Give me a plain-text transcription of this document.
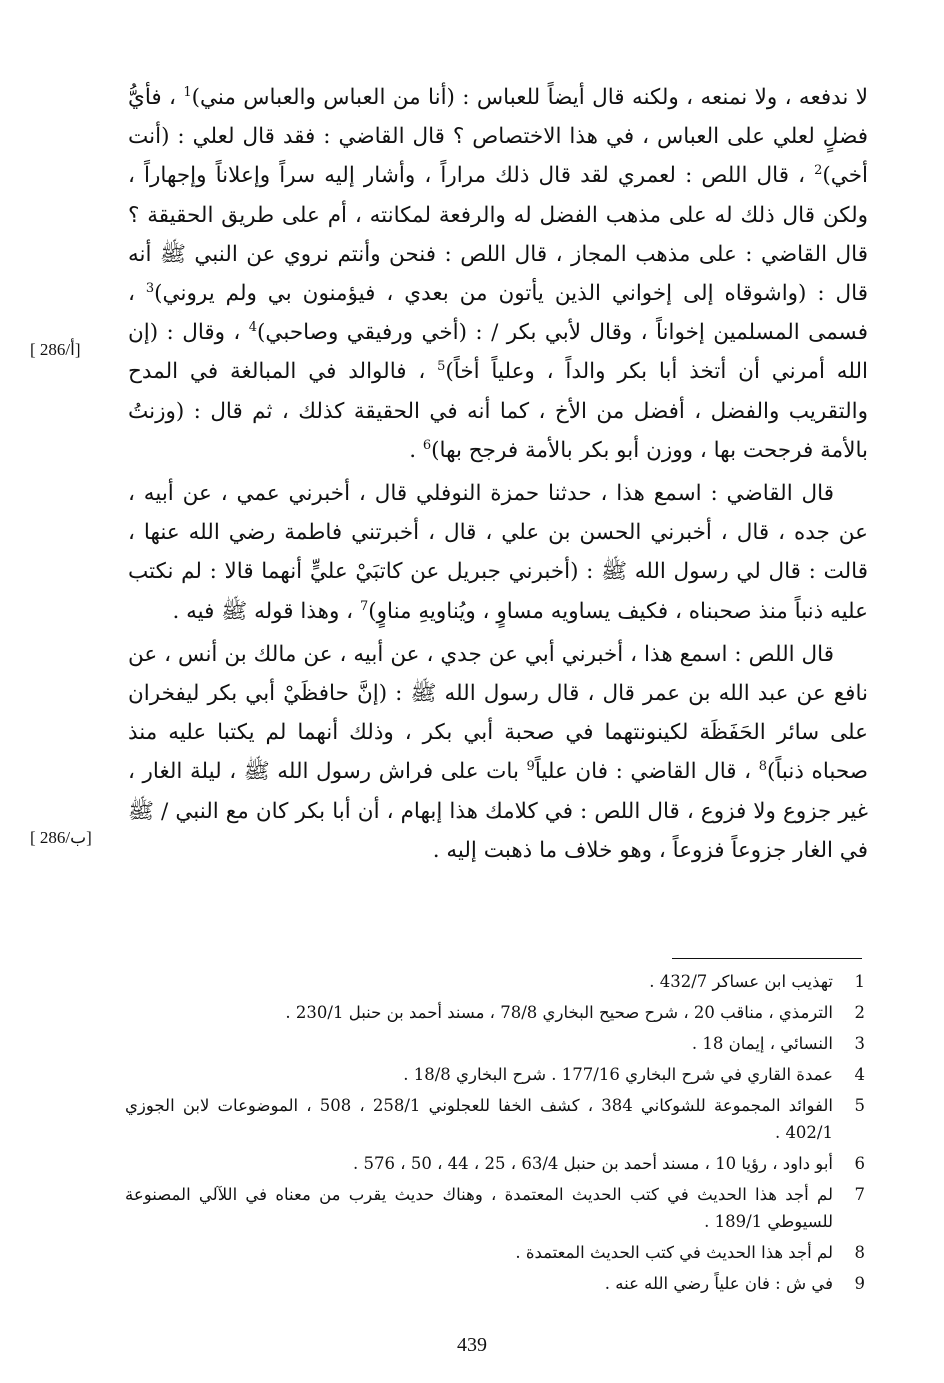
لا ندفعه ، ولا نمنعه ، ولكنه قال أيضاً للعباس : (أنا من العباس والعباس مني)$^1$ ، فأيُّ فضلٍ لعلي على العباس ، في هذا الاختصاص ؟ قال القاضي : فقد قال لعلي : (أنت أخي)$^2$ ، قال اللص : لعمري لقد قال ذلك مراراً ، وأشار إليه سراً وإعلاناً وإجهاراً ، ولكن قال ذلك له على مذهب الفضل له والرفعة لمكانته ، أم على طريق الحقيقة ؟ قال القاضي : على مذهب المجاز ، قال اللص : فنحن وأنتم نروي عن النبي ﷺ أنه قال : (واشوقاه إلى إخواني الذين يأتون من بعدي ، فيؤمنون بي ولم يروني)$^3$ ، فسمى المسلمين إخواناً ، وقال لأبي بكر / : (أخي ورفيقي وصاحبي)$^4$ ، وقال : (إن الله أمرني أن أتخذ أبا بكر والداً ، وعلياً أخاً)$^5$ ، فالوالد في المبالغة في المدح والتقريب والفضل ، أفضل من الأخ ، كما أنه في الحقيقة كذلك ، ثم قال : (وزنتُ بالأمة فرجحت بها ، ووزن أبو بكر بالأمة فرجح بها)$^6$ .

قال القاضي : اسمع هذا ، حدثنا حمزة النوفلي قال ، أخبرني عمي ، عن أبيه ، عن جده ، قال ، أخبرني الحسن بن علي ، قال ، أخبرتني فاطمة رضي الله عنها ، قالت : قال لي رسول الله ﷺ : (أخبرني جبريل عن كاتبَيْ عليٍّ أنهما قالا : لم نكتب عليه ذنباً منذ صحبناه ، فكيف يساويه مساوٍ ، ويُناويهِ مناوٍ)$^7$ ، وهذا قوله ﷺ فيه .

قال اللص : اسمع هذا ، أخبرني أبي عن جدي ، عن أبيه ، عن مالك بن أنس ، عن نافع عن عبد الله بن عمر قال ، قال رسول الله ﷺ : (إنَّ حافظَيْ أبي بكر ليفخران على سائر الحَفَظَة لكينونتهما في صحبة أبي بكر ، وذلك أنهما لم يكتبا عليه منذ صحباه ذنباً)$^8$ ، قال القاضي : فان علياً$^9$ بات على فراش رسول الله ﷺ ، ليلة الغار ، غير جزوع ولا فزوع ، قال اللص : في كلامك هذا إبهام ، أن أبا بكر كان مع النبي / ﷺ في الغار جزوعاً فزوعاً ، وهو خلاف ما ذهبت إليه .

[ 286/أ]
[ 286/ب]
1
تهذيب ابن عساكر 432/7 .
2
الترمذي ، مناقب 20 ، شرح صحيح البخاري 78/8 ، مسند أحمد بن حنبل 230/1 .
3
النسائي ، إيمان 18 .
4
عمدة القاري في شرح البخاري 177/16 . شرح البخاري 18/8 .
5
الفوائد المجموعة للشوكاني 384 ، كشف الخفا للعجلوني 258/1 ، 508 ، الموضوعات لابن الجوزي 402/1 .
6
أبو داود ، رؤيا 10 ، مسند أحمد بن حنبل 63/4 ، 25 ، 44 ، 50 ، 576 .
7
لم أجد هذا الحديث في كتب الحديث المعتمدة ، وهناك حديث يقرب من معناه في اللآلي المصنوعة للسيوطي 189/1 .
8
لم أجد هذا الحديث في كتب الحديث المعتمدة .
9
في ش : فان علياً رضي الله عنه .
439
